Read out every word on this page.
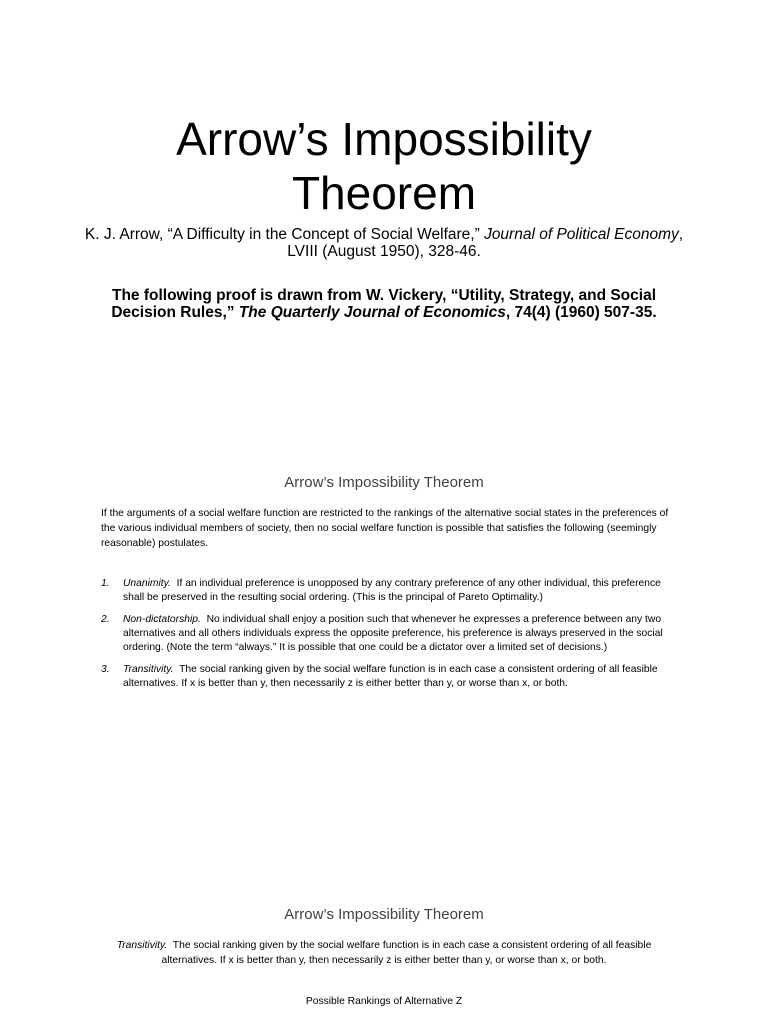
Arrow’s Impossibility
Theorem
K. J. Arrow, “A Difficulty in the Concept of Social Welfare,” Journal of Political Economy, LVIII (August 1950), 328-46.
The following proof is drawn from W. Vickery, “Utility, Strategy, and Social Decision Rules,” The Quarterly Journal of Economics, 74(4) (1960) 507-35.
Arrow’s Impossibility Theorem
If the arguments of a social welfare function are restricted to the rankings of the alternative social states in the preferences of the various individual members of society, then no social welfare function is possible that satisfies the following (seemingly reasonable) postulates.
1. Unanimity. If an individual preference is unopposed by any contrary preference of any other individual, this preference shall be preserved in the resulting social ordering. (This is the principal of Pareto Optimality.)
2. Non-dictatorship. No individual shall enjoy a position such that whenever he expresses a preference between any two alternatives and all others individuals express the opposite preference, his preference is always preserved in the social ordering. (Note the term “always.” It is possible that one could be a dictator over a limited set of decisions.)
3. Transitivity. The social ranking given by the social welfare function is in each case a consistent ordering of all feasible alternatives. If x is better than y, then necessarily z is either better than y, or worse than x, or both.
Arrow’s Impossibility Theorem
Transitivity. The social ranking given by the social welfare function is in each case a consistent ordering of all feasible alternatives. If x is better than y, then necessarily z is either better than y, or worse than x, or both.
Possible Rankings of Alternative Z
